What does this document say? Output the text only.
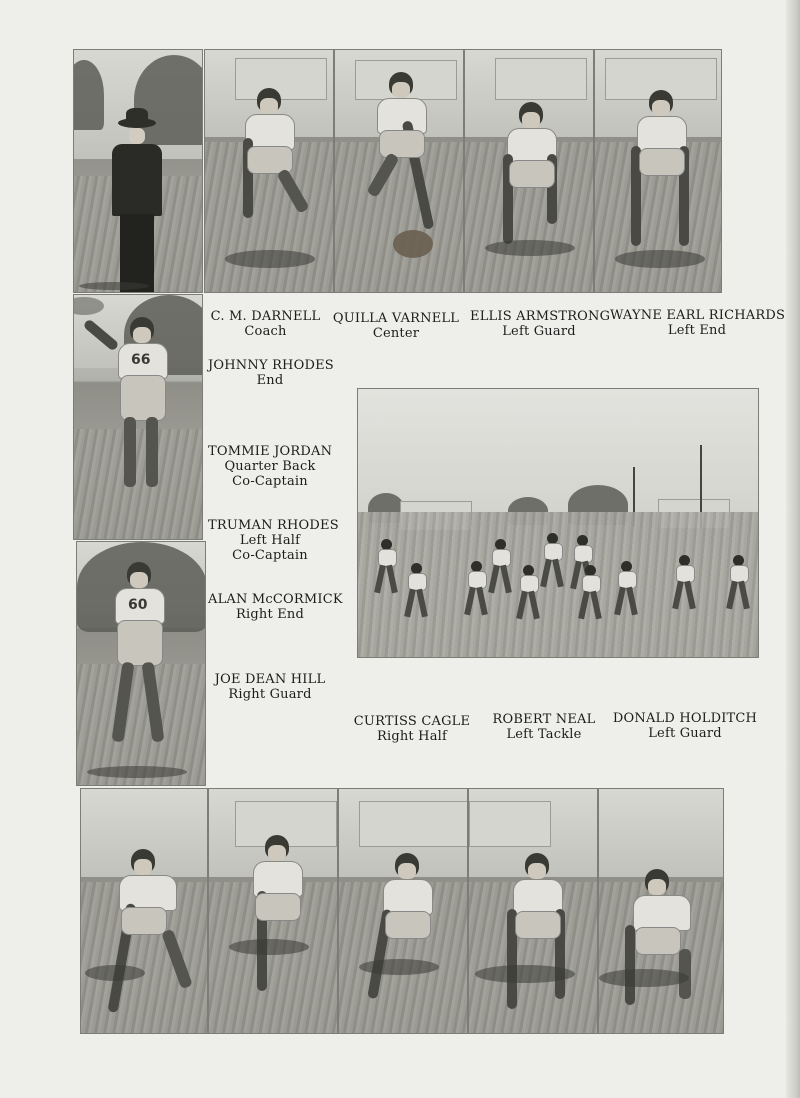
C. M. DARNELL
Coach
QUILLA VARNELL
Center
ELLIS ARMSTRONG
Left Guard
WAYNE EARL RICHARDS
Left End
66
60
JOHNNY RHODES
End
TOMMIE JORDAN
Quarter Back
Co-Captain
TRUMAN RHODES
Left Half
Co-Captain
ALAN McCORMICK
Right End
JOE DEAN HILL
Right Guard
CURTISS CAGLE
Right Half
ROBERT NEAL
Left Tackle
DONALD HOLDITCH
Left Guard
